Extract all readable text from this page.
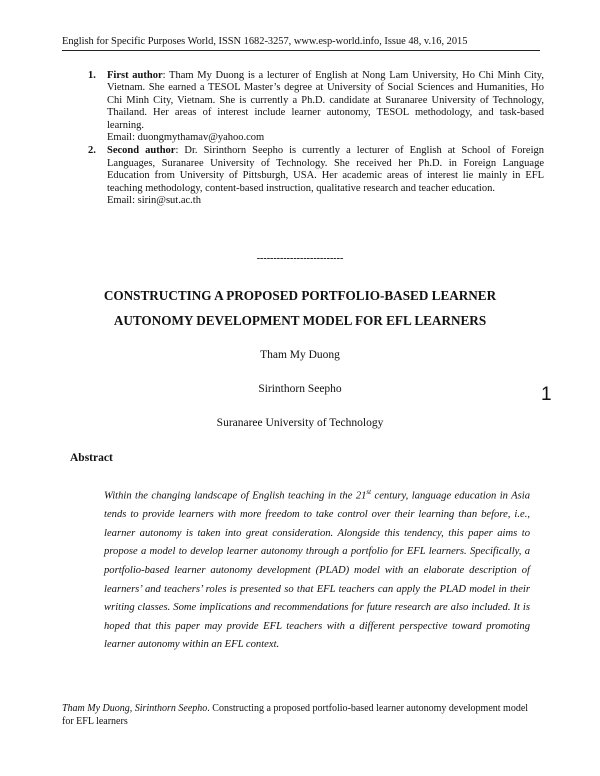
English for Specific Purposes World, ISSN 1682-3257, www.esp-world.info, Issue 48, v.16, 2015
1. First author: Tham My Duong is a lecturer of English at Nong Lam University, Ho Chi Minh City, Vietnam. She earned a TESOL Master’s degree at University of Social Sciences and Humanities, Ho Chi Minh City, Vietnam. She is currently a Ph.D. candidate at Suranaree University of Technology, Thailand. Her areas of interest include learner autonomy, TESOL methodology, and task-based learning.
Email: duongmythamav@yahoo.com
2. Second author: Dr. Sirinthorn Seepho is currently a lecturer of English at School of Foreign Languages, Suranaree University of Technology. She received her Ph.D. in Foreign Language Education from University of Pittsburgh, USA. Her academic areas of interest lie mainly in EFL teaching methodology, content-based instruction, qualitative research and teacher education.
Email: sirin@sut.ac.th
--------------------------
CONSTRUCTING A PROPOSED PORTFOLIO-BASED LEARNER
AUTONOMY DEVELOPMENT MODEL FOR EFL LEARNERS
Tham My Duong
Sirinthorn Seepho
Suranaree University of Technology
1
Abstract
Within the changing landscape of English teaching in the 21st century, language education in Asia tends to provide learners with more freedom to take control over their learning than before, i.e., learner autonomy is taken into great consideration. Alongside this tendency, this paper aims to propose a model to develop learner autonomy through a portfolio for EFL learners. Specifically, a portfolio-based learner autonomy development (PLAD) model with an elaborate description of learners’ and teachers’ roles is presented so that EFL teachers can apply the PLAD model in their writing classes. Some implications and recommendations for future research are also included. It is hoped that this paper may provide EFL teachers with a different perspective toward promoting learner autonomy within an EFL context.
Tham My Duong, Sirinthorn Seepho. Constructing a proposed portfolio-based learner autonomy development model for EFL learners
